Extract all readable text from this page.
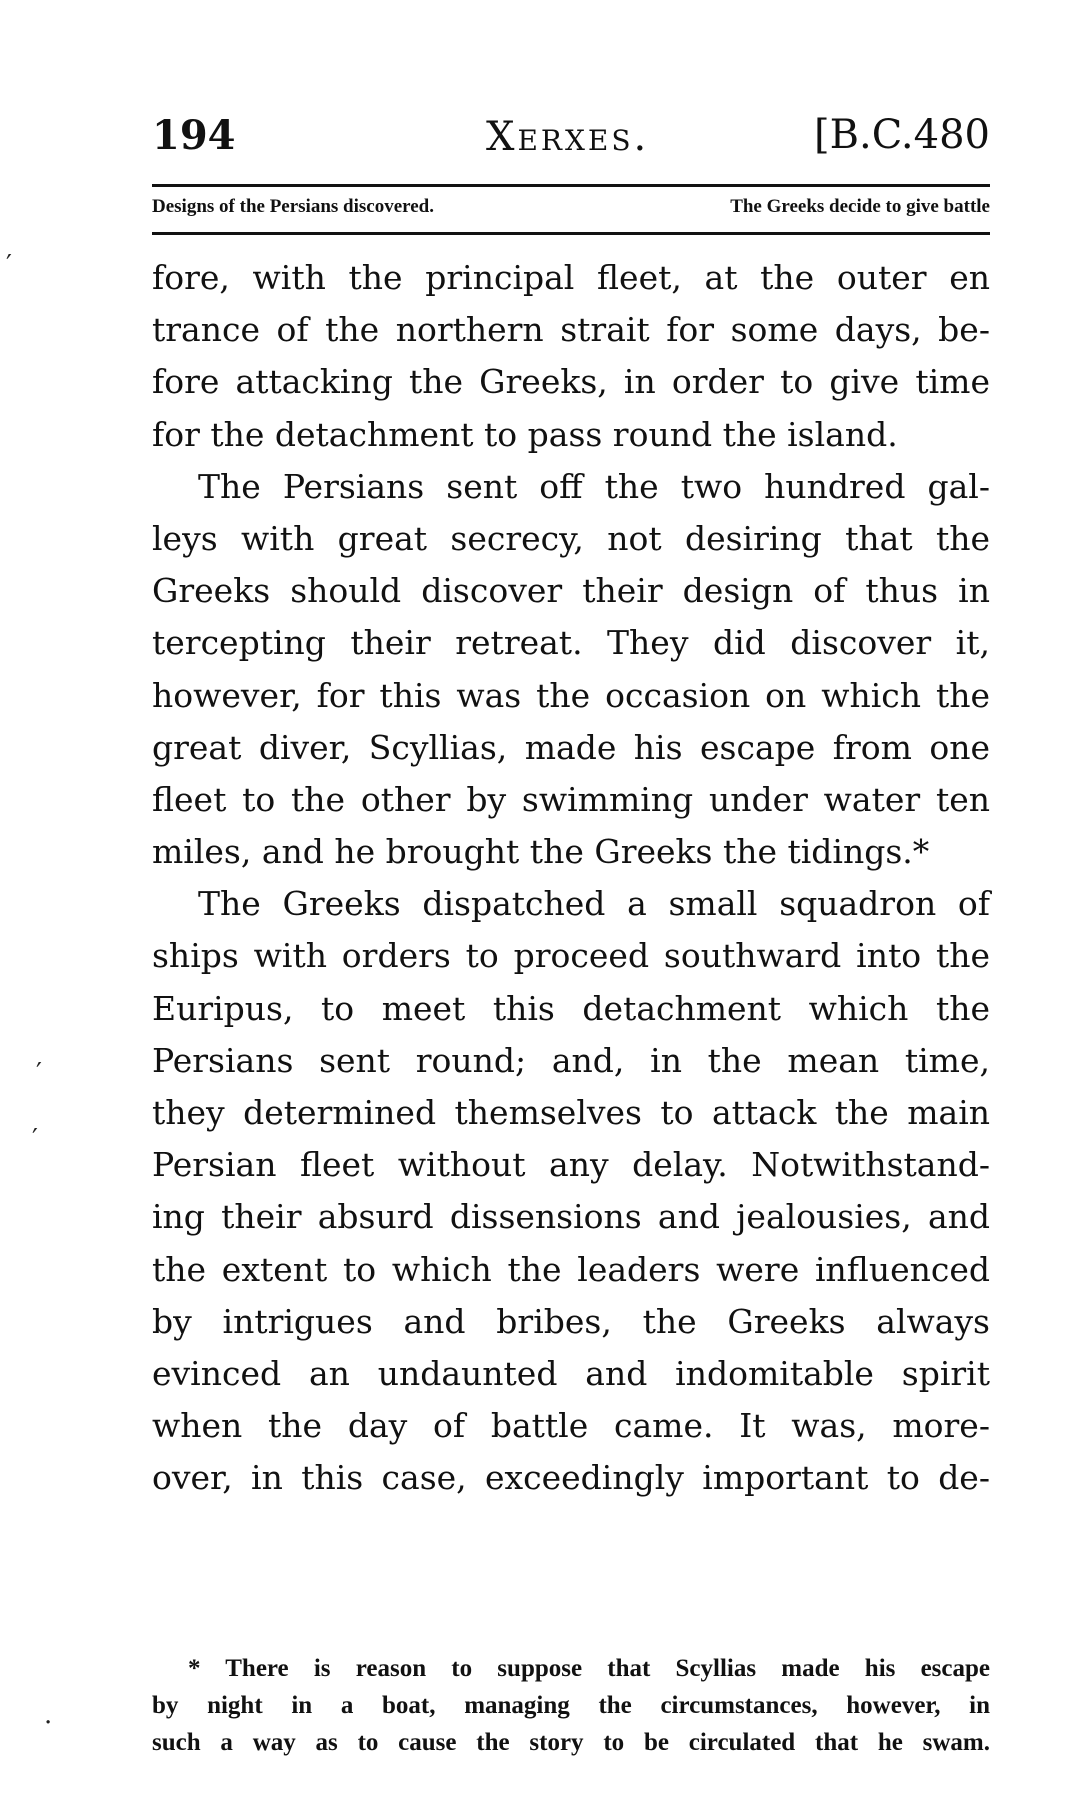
194	Xerxes.	[B.C.480
Designs of the Persians discovered.	The Greeks decide to give battle
fore, with the principal fleet, at the outer en
trance of the northern strait for some days, be-
fore attacking the Greeks, in order to give time
for the detachment to pass round the island.
The Persians sent off the two hundred gal-
leys with great secrecy, not desiring that the
Greeks should discover their design of thus in
tercepting their retreat. They did discover it,
however, for this was the occasion on which the
great diver, Scyllias, made his escape from one
fleet to the other by swimming under water ten
miles, and he brought the Greeks the tidings.*
The Greeks dispatched a small squadron of
ships with orders to proceed southward into the
Euripus, to meet this detachment which the
Persians sent round; and, in the mean time,
they determined themselves to attack the main
Persian fleet without any delay. Notwithstand-
ing their absurd dissensions and jealousies, and
the extent to which the leaders were influenced
by intrigues and bribes, the Greeks always
evinced an undaunted and indomitable spirit
when the day of battle came. It was, more-
over, in this case, exceedingly important to de-
* There is reason to suppose that Scyllias made his escape
by night in a boat, managing the circumstances, however, in
such a way as to cause the story to be circulated that he swam.
′
′
′
·
